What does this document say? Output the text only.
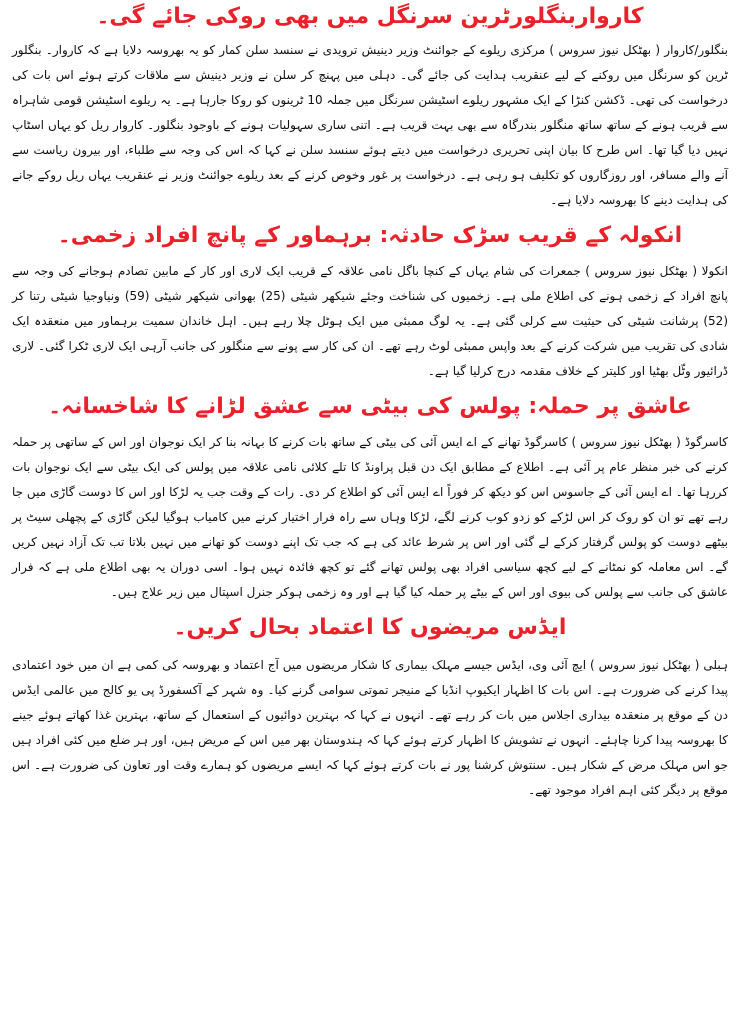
کارواربنگلورٹرین سرنگل میں بھی روکی جائے گی۔

بنگلور/کاروار ( بھٹکل نیوز سروس ) مرکزی ریلوے کے جوائنٹ وزیر دینیش ترویدی نے سنسد سلن کمار کو یہ بھروسہ دلایا ہے کہ کاروار۔ بنگلور ٹرین کو سرنگل میں روکنے کے لیے عنقریب ہدایت کی جائے گی۔ دہلی میں پہنچ کر سلن نے وزیر دینیش سے ملاقات کرتے ہوئے اس بات کی درخواست کی تھی۔ ڈکشن کنڑا کے ایک مشہور ریلوے اسٹیشن سرنگل میں جملہ 10 ٹرینوں کو روکا جارہا ہے۔ یہ ریلوے اسٹیشن قومی شاہراہ سے قریب ہونے کے ساتھ ساتھ منگلور بندرگاہ سے بھی بہت قریب ہے۔ اتنی ساری سہولیات ہونے کے باوجود بنگلور۔ کاروار ریل کو یہاں اسٹاپ نہیں دیا گیا تھا۔ اس طرح کا بیان اپنی تحریری درخواست میں دیتے ہوئے سنسد سلن نے کہا کہ اس کی وجہ سے طلباء، اور بیرون ریاست سے آنے والے مسافر، اور روزگاروں کو تکلیف ہو رہی ہے۔ درخواست پر غور وخوص کرنے کے بعد ریلوے جوائنٹ وزیر نے عنقریب یہاں ریل روکے جانے کی ہدایت دینے کا بھروسہ دلایا ہے۔

انکولہ کے قریب سڑک حادثہ: برہماور کے پانچ افراد زخمی۔

انکولا ( بھٹکل نیوز سروس ) جمعرات کی شام یہاں کے کنچا باگل نامی علاقہ کے قریب ایک لاری اور کار کے مابین تصادم ہوجانے کی وجہ سے پانچ افراد کے زخمی ہونے کی اطلاع ملی ہے۔ زخمیوں کی شناخت وجئے شیکھر شیٹی (25) بھوانی شیکھر شیٹی (59) ونیاوجیا شیٹی رتنا کر (52) پرشانت شیٹی کی حیثیت سے کرلی گئی ہے۔ یہ لوگ ممبئی میں ایک ہوٹل چلا رہے ہیں۔ اہل خاندان سمیت برہماور میں منعقدہ ایک شادی کی تقریب میں شرکت کرنے کے بعد واپس ممبئی لوٹ رہے تھے۔ ان کی کار سے پونے سے منگلور کی جانب آرہی ایک لاری ٹکرا گئی۔ لاری ڈرائیور وٹّل بھٹیا اور کلیتر کے خلاف مقدمہ درج کرلیا گیا ہے۔

عاشق پر حملہ: پولس کی بیٹی سے عشق لڑانے کا شاخسانہ۔

کاسرگوڈ ( بھٹکل نیوز سروس ) کاسرگوڈ تھانے کے اے ایس آئی کی بیٹی کے ساتھ بات کرنے کا بہانہ بنا کر ایک نوجوان اور اس کے ساتھی پر حملہ کرنے کی خبر منظر عام پر آئی ہے۔ اطلاع کے مطابق ایک دن قبل پراونڈ کا تلے کلائی نامی علاقہ میں پولس کی ایک بیٹی سے ایک نوجوان بات کررہا تھا۔ اے ایس آئی کے جاسوس اس کو دیکھ کر فوراً اے ایس آئی کو اطلاع کر دی۔ رات کے وقت جب یہ لڑکا اور اس کا دوست گاڑی میں جا رہے تھے تو ان کو روک کر اس لڑکے کو زدو کوب کرنے لگے، لڑکا وہاں سے راہ فرار اختیار کرنے میں کامیاب ہوگیا لیکن گاڑی کے پچھلی سیٹ پر بیٹھے دوست کو پولس گرفتار کرکے لے گئی اور اس پر شرط عائد کی ہے کہ جب تک اپنے دوست کو تھانے میں نہیں بلاتا تب تک آزاد نہیں کریں گے۔ اس معاملہ کو نمٹانے کے لیے کچھ سیاسی افراد بھی پولس تھانے گئے تو کچھ فائدہ نہیں ہوا۔ اسی دوران یہ بھی اطلاع ملی ہے کہ فرار عاشق کی جانب سے پولس کی بیوی اور اس کے بیٹے پر حملہ کیا گیا ہے اور وہ زخمی ہوکر جنرل اسپتال میں زیر علاج ہیں۔

ایڈس مریضوں کا اعتماد بحال کریں۔

ہبلی ( بھٹکل نیوز سروس ) ایچ آئی وی، ایڈس جیسے مہلک بیماری کا شکار مریضوں میں آج اعتماد و بھروسہ کی کمی ہے ان میں خود اعتمادی پیدا کرنے کی ضرورت ہے۔ اس بات کا اظہار ایکیوپ انڈیا کے منیجر تموتی سوامی گرنے کیا۔ وہ شہر کے آکسفورڈ پی یو کالج میں عالمی ایڈس دن کے موقع پر منعقدہ بیداری اجلاس میں بات کر رہے تھے۔ انہوں نے کہا کہ بہترین دوائیوں کے استعمال کے ساتھ، بہترین غذا کھاتے ہوئے جینے کا بھروسہ پیدا کرنا چاہئے۔ انہوں نے تشویش کا اظہار کرتے ہوئے کہا کہ ہندوستان بھر میں اس کے مریض ہیں، اور ہر ضلع میں کئی افراد ہیں جو اس مہلک مرض کے شکار ہیں۔ سنتوش کرشنا پور نے بات کرتے ہوئے کہا کہ ایسے مریضوں کو ہمارے وقت اور تعاون کی ضرورت ہے۔ اس موقع پر دیگر کئی اہم افراد موجود تھے۔
